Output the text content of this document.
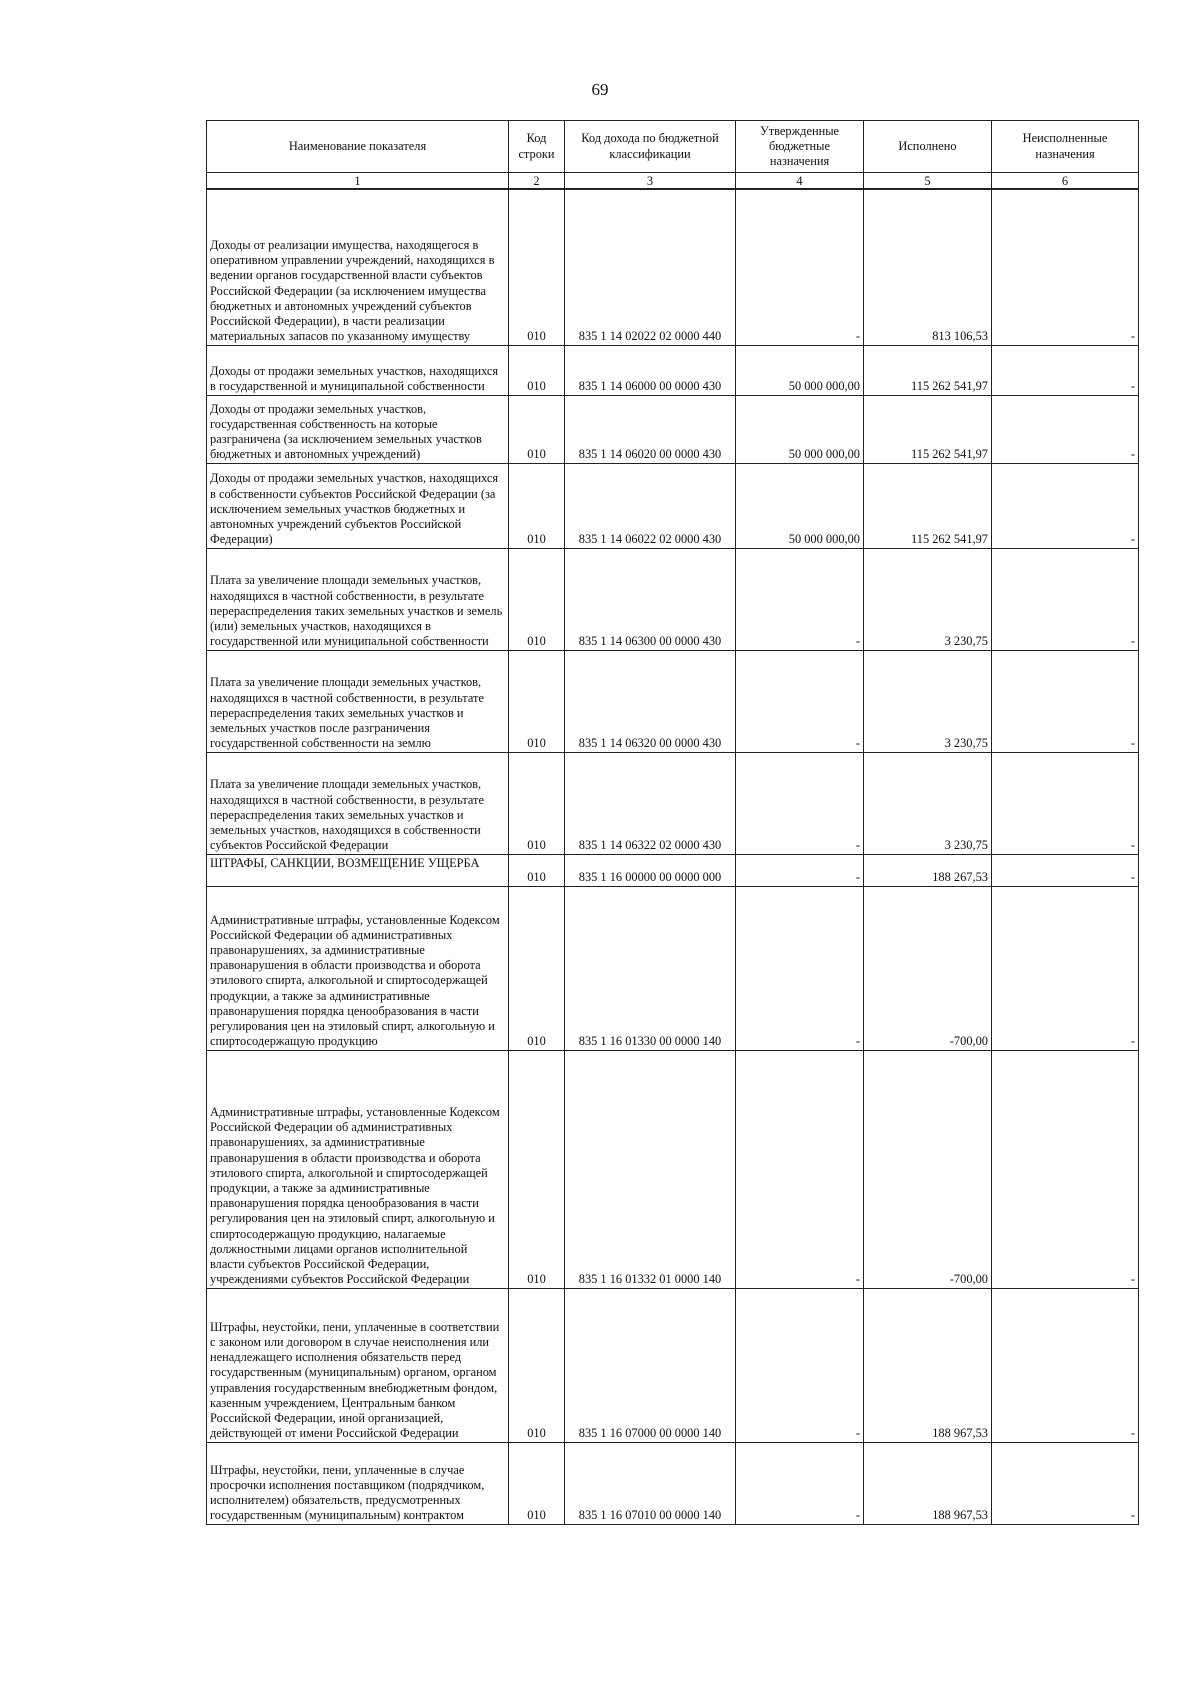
69
Наименование показателя	Код строки	Код дохода по бюджетной классификации	Утвержденные бюджетные назначения	Исполнено	Неисполненные назначения
1	2	3	4	5	6
Доходы от реализации имущества, находящегося в оперативном управлении учреждений, находящихся в ведении органов государственной власти субъектов Российской Федерации (за исключением имущества бюджетных и автономных учреждений субъектов Российской Федерации), в части реализации материальных запасов по указанному имуществу	010	835 1 14 02022 02 0000 440	-	813 106,53	-
Доходы от продажи земельных участков, находящихся в государственной и муниципальной собственности	010	835 1 14 06000 00 0000 430	50 000 000,00	115 262 541,97	-
Доходы от продажи земельных участков, государственная собственность на которые разграничена (за исключением земельных участков бюджетных и автономных учреждений)	010	835 1 14 06020 00 0000 430	50 000 000,00	115 262 541,97	-
Доходы от продажи земельных участков, находящихся в собственности субъектов Российской Федерации (за исключением земельных участков бюджетных и автономных учреждений субъектов Российской Федерации)	010	835 1 14 06022 02 0000 430	50 000 000,00	115 262 541,97	-
Плата за увеличение площади земельных участков, находящихся в частной собственности, в результате перераспределения таких земельных участков и земель (или) земельных участков, находящихся в государственной или муниципальной собственности	010	835 1 14 06300 00 0000 430	-	3 230,75	-
Плата за увеличение площади земельных участков, находящихся в частной собственности, в результате перераспределения таких земельных участков и земельных участков после разграничения государственной собственности на землю	010	835 1 14 06320 00 0000 430	-	3 230,75	-
Плата за увеличение площади земельных участков, находящихся в частной собственности, в результате перераспределения таких земельных участков и земельных участков, находящихся в собственности субъектов Российской Федерации	010	835 1 14 06322 02 0000 430	-	3 230,75	-
ШТРАФЫ, САНКЦИИ, ВОЗМЕЩЕНИЕ УЩЕРБА	010	835 1 16 00000 00 0000 000	-	188 267,53	-
Административные штрафы, установленные Кодексом Российской Федерации об административных правонарушениях, за административные правонарушения в области производства и оборота этилового спирта, алкогольной и спиртосодержащей продукции, а также за административные правонарушения порядка ценообразования в части регулирования цен на этиловый спирт, алкогольную и спиртосодержащую продукцию	010	835 1 16 01330 00 0000 140	-	-700,00	-
Административные штрафы, установленные Кодексом Российской Федерации об административных правонарушениях, за административные правонарушения в области производства и оборота этилового спирта, алкогольной и спиртосодержащей продукции, а также за административные правонарушения порядка ценообразования в части регулирования цен на этиловый спирт, алкогольную и спиртосодержащую продукцию, налагаемые должностными лицами органов исполнительной власти субъектов Российской Федерации, учреждениями субъектов Российской Федерации	010	835 1 16 01332 01 0000 140	-	-700,00	-
Штрафы, неустойки, пени, уплаченные в соответствии с законом или договором в случае неисполнения или ненадлежащего исполнения обязательств перед государственным (муниципальным) органом, органом управления государственным внебюджетным фондом, казенным учреждением, Центральным банком Российской Федерации, иной организацией, действующей от имени Российской Федерации	010	835 1 16 07000 00 0000 140	-	188 967,53	-
Штрафы, неустойки, пени, уплаченные в случае просрочки исполнения поставщиком (подрядчиком, исполнителем) обязательств, предусмотренных государственным (муниципальным) контрактом	010	835 1 16 07010 00 0000 140	-	188 967,53	-
